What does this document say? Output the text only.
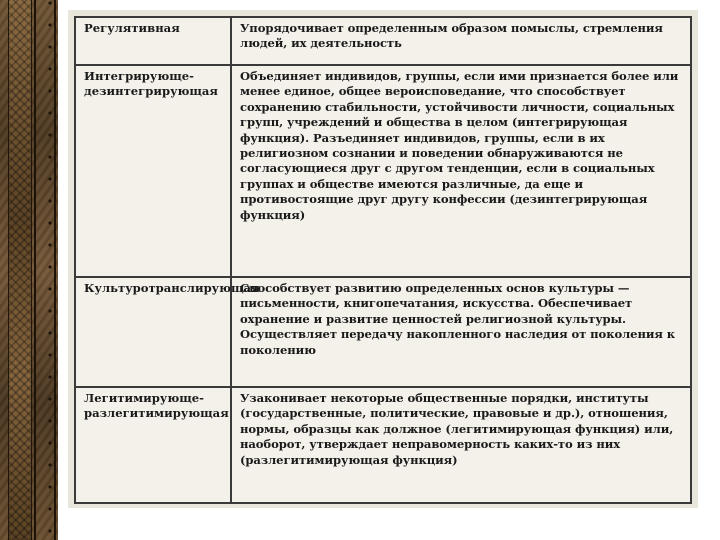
Регулятивная	Упорядочивает определенным образом помыслы, стремления людей, их деятельность
Интегрирующе-дезинтегрирующая	Объединяет индивидов, группы, если ими признается более или менее единое, общее вероисповедание, что способствует сохранению стабильности, устойчивости личности, социальных групп, учреждений и общества в целом (интегрирующая функция). Разъединяет индивидов, группы, если в их религиозном сознании и поведении обнаруживаются не согласующиеся друг с другом тенденции, если в социальных группах и обществе имеются различные, да еще и противостоящие друг другу конфессии (дезинтегрирующая функция)
Культуротранслирующая	Способствует развитию определенных основ культуры — письменности, книгопечатания, искусства. Обеспечивает охранение и развитие ценностей религиозной культуры. Осуществляет передачу накопленного наследия от поколения к поколению
Легитимирующе-разлегитимирующая	Узаконивает некоторые общественные порядки, институты (государственные, политические, правовые и др.), отношения, нормы, образцы как должное (легитимирующая функция) или, наоборот, утверждает неправомерность каких-то из них (разлегитимирующая функция)
